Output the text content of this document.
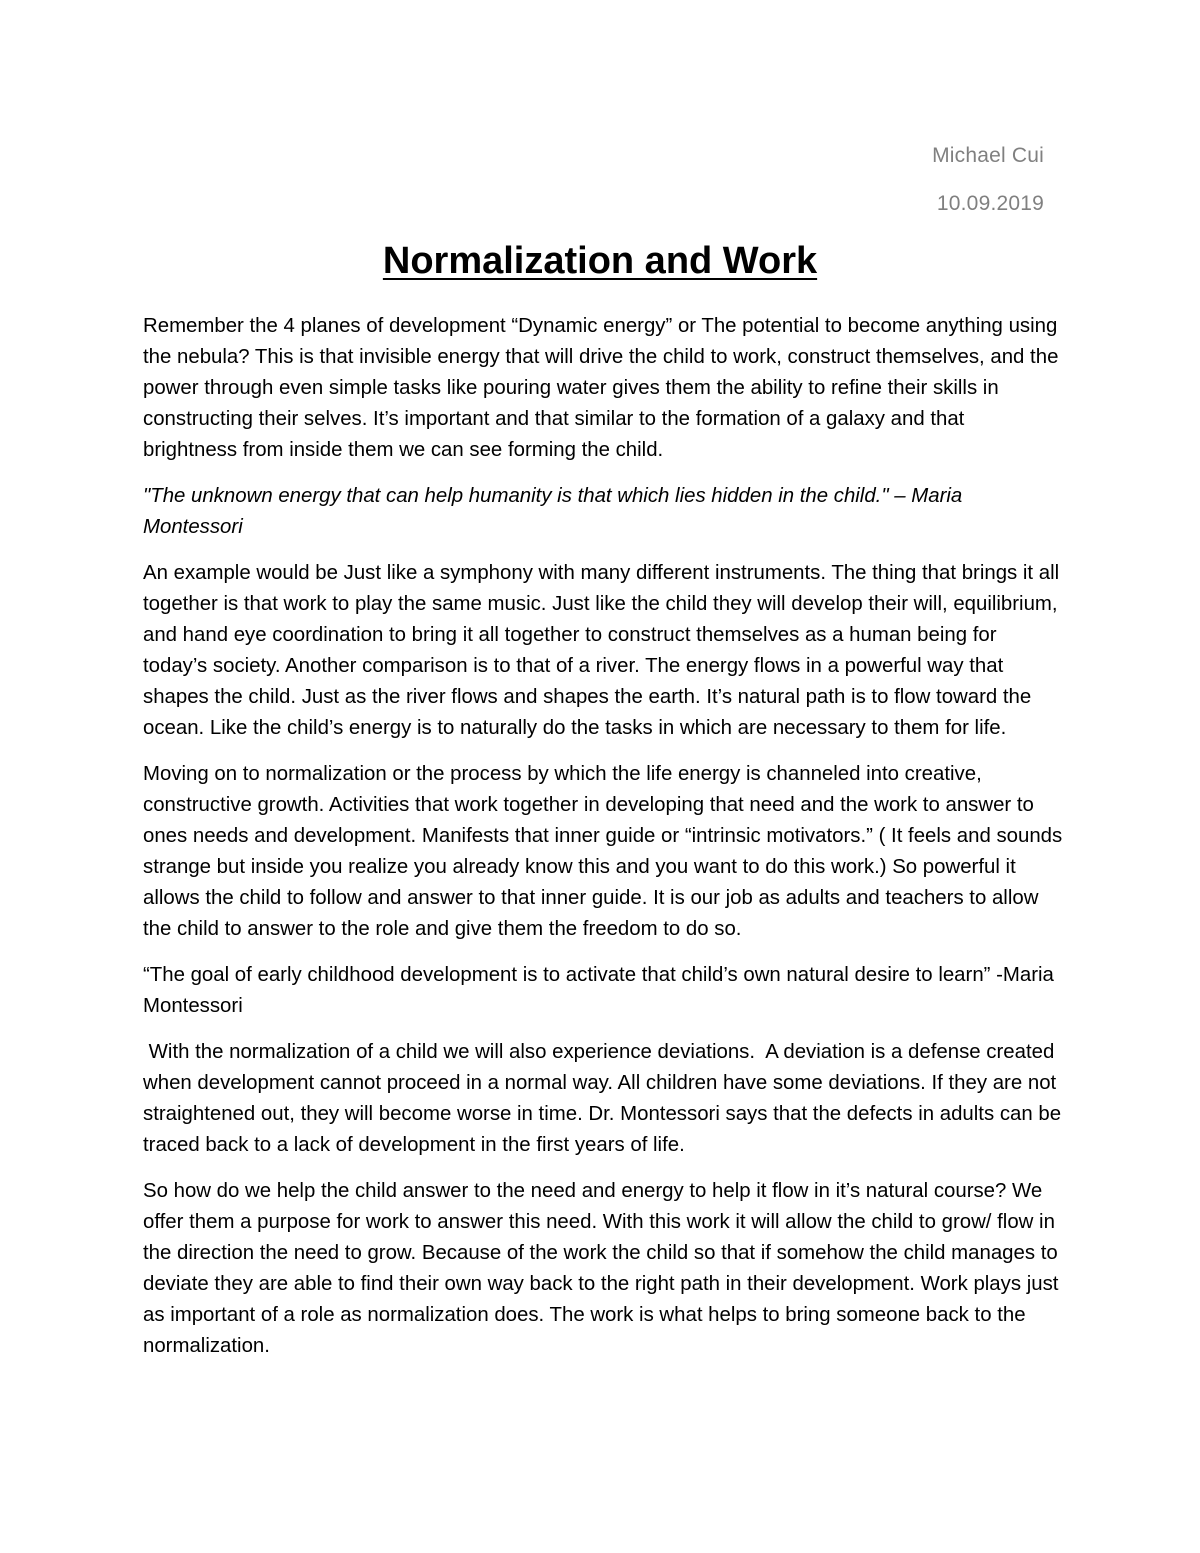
Michael Cui
10.09.2019
Normalization and Work

Remember the 4 planes of development “Dynamic energy” or The potential to become anything using the nebula? This is that invisible energy that will drive the child to work, construct themselves, and the power through even simple tasks like pouring water gives them the ability to refine their skills in constructing their selves. It’s important and that similar to the formation of a galaxy and that brightness from inside them we can see forming the child.

"The unknown energy that can help humanity is that which lies hidden in the child." – Maria Montessori

An example would be Just like a symphony with many different instruments. The thing that brings it all together is that work to play the same music. Just like the child they will develop their will, equilibrium, and hand eye coordination to bring it all together to construct themselves as a human being for today’s society. Another comparison is to that of a river. The energy flows in a powerful way that shapes the child. Just as the river flows and shapes the earth. It’s natural path is to flow toward the ocean. Like the child’s energy is to naturally do the tasks in which are necessary to them for life.

Moving on to normalization or the process by which the life energy is channeled into creative, constructive growth. Activities that work together in developing that need and the work to answer to ones needs and development. Manifests that inner guide or “intrinsic motivators.” ( It feels and sounds strange but inside you realize you already know this and you want to do this work.) So powerful it allows the child to follow and answer to that inner guide. It is our job as adults and teachers to allow the child to answer to the role and give them the freedom to do so.

“The goal of early childhood development is to activate that child’s own natural desire to learn” -Maria Montessori

With the normalization of a child we will also experience deviations.  A deviation is a defense created when development cannot proceed in a normal way. All children have some deviations. If they are not straightened out, they will become worse in time. Dr. Montessori says that the defects in adults can be traced back to a lack of development in the first years of life.

So how do we help the child answer to the need and energy to help it flow in it’s natural course? We offer them a purpose for work to answer this need. With this work it will allow the child to grow/ flow in the direction the need to grow. Because of the work the child so that if somehow the child manages to deviate they are able to find their own way back to the right path in their development. Work plays just as important of a role as normalization does. The work is what helps to bring someone back to the normalization.
